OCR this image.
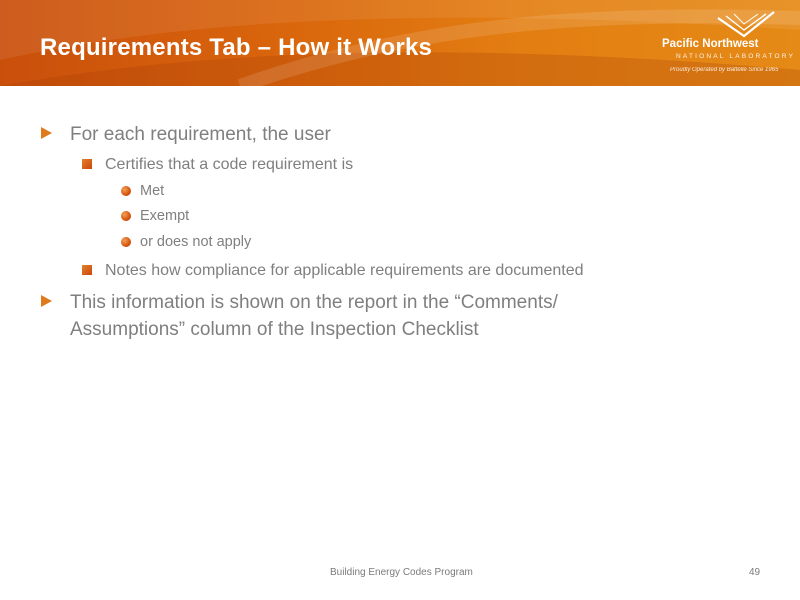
Requirements Tab – How it Works	Pacific Northwest
NATIONAL LABORATORY
Proudly Operated by Battelle Since 1965
For each requirement, the user
Certifies that a code requirement is
Met
Exempt
or does not apply
Notes how compliance for applicable requirements are documented
This information is shown on the report in the “Comments/
Assumptions” column of the Inspection Checklist
Building Energy Codes Program	49
